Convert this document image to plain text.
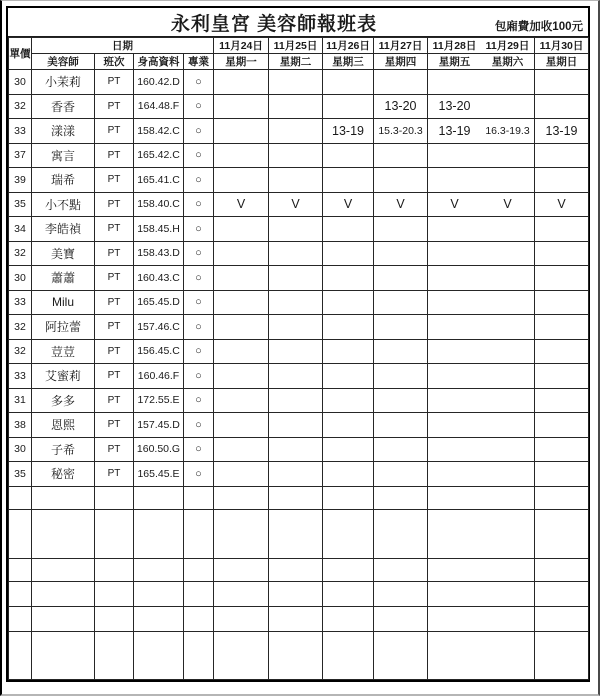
永利皇宮 美容師報班表	包廂費加收100元
單價	日期				11月24日	11月25日	11月26日	11月27日	11月28日 11月29日	11月30日
	美容師	班次	身高資料	專業	星期一	星期二	星期三	星期四	星期五 星期六	星期日
30	小茉莉	PT	160.42.D	○					

32	香香	PT	164.48.F	○				13-20	13-20	

33	漾漾	PT	158.42.C	○			13-19	15.3-20.3	13-19 16.3-19.3	13-19
37	寓言	PT	165.42.C	○					

39	瑞希	PT	165.41.C	○					

35	小不點	PT	158.40.C	○	V	V	V	V	V V	V
34	李皓禎	PT	158.45.H	○					

32	美寶	PT	158.43.D	○					

30	蕭蕭	PT	160.43.C	○					

33	Milu	PT	165.45.D	○					

32	阿拉蕾	PT	157.46.C	○					

32	荳荳	PT	156.45.C	○					

33	艾蜜莉	PT	160.46.F	○					

31	多多	PT	172.55.E	○					

38	恩熙	PT	157.45.D	○					

30	子希	PT	160.50.G	○					

35	秘密	PT	165.45.E	○					
